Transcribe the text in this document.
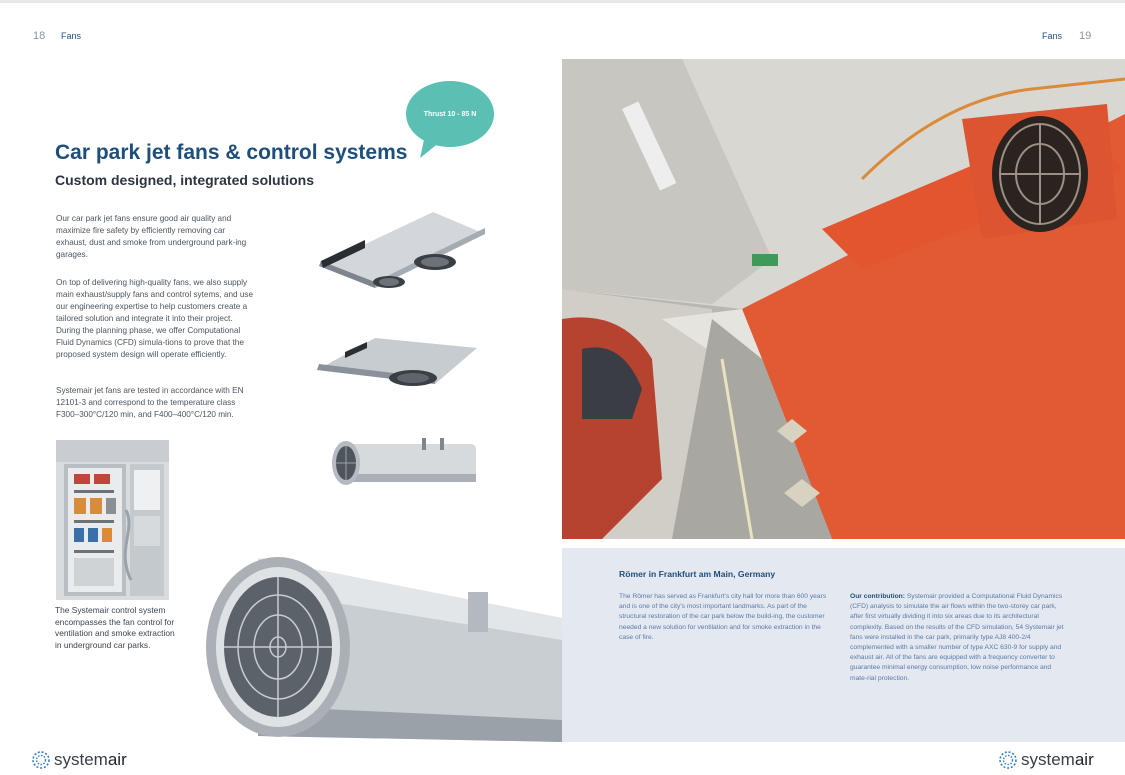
18 Fans	Fans 19
Thrust 10 - 85 N
Car park jet fans & control systems
Custom designed, integrated solutions

Our car park jet fans ensure good air quality and maximize fire safety by efficiently removing car exhaust, dust and smoke from underground park-ing garages.

On top of delivering high-quality fans, we also supply main exhaust/supply fans and control sytems, and use our engineering expertise to help customers create a tailored solution and integrate it into their project. During the planning phase, we offer Computational Fluid Dynamics (CFD) simula-tions to prove that the proposed system design will operate efficiently.

Systemair jet fans are tested in accordance with EN 12101-3 and correspond to the temperature class F300–300°C/120 min, and F400–400°C/120 min.

The Systemair control system encompasses the fan control for ventilation and smoke extraction in underground car parks.

Römer in Frankfurt am Main, Germany

The Römer has served as Frankfurt's city hall for more than 600 years and is one of the city's most important landmarks. As part of the structural restoration of the car park below the build-ing, the customer needed a new solution for ventilation and for smoke extraction in the case of fire.

Our contribution: Systemair provided a Computational Fluid Dynamics (CFD) analysis to simulate the air flows within the two-storey car park, after first virtually dividing it into six areas due to its architectural complexity. Based on the results of the CFD simulation, 54 Systemair jet fans were installed in the car park, primarily type AJ8 400-2/4 complemented with a smaller number of type AXC 630-9 for supply and exhaust air. All of the fans are equipped with a frequency converter to guarantee minimal energy consumption, low noise performance and mate-rial protection.

systemair	systemair
